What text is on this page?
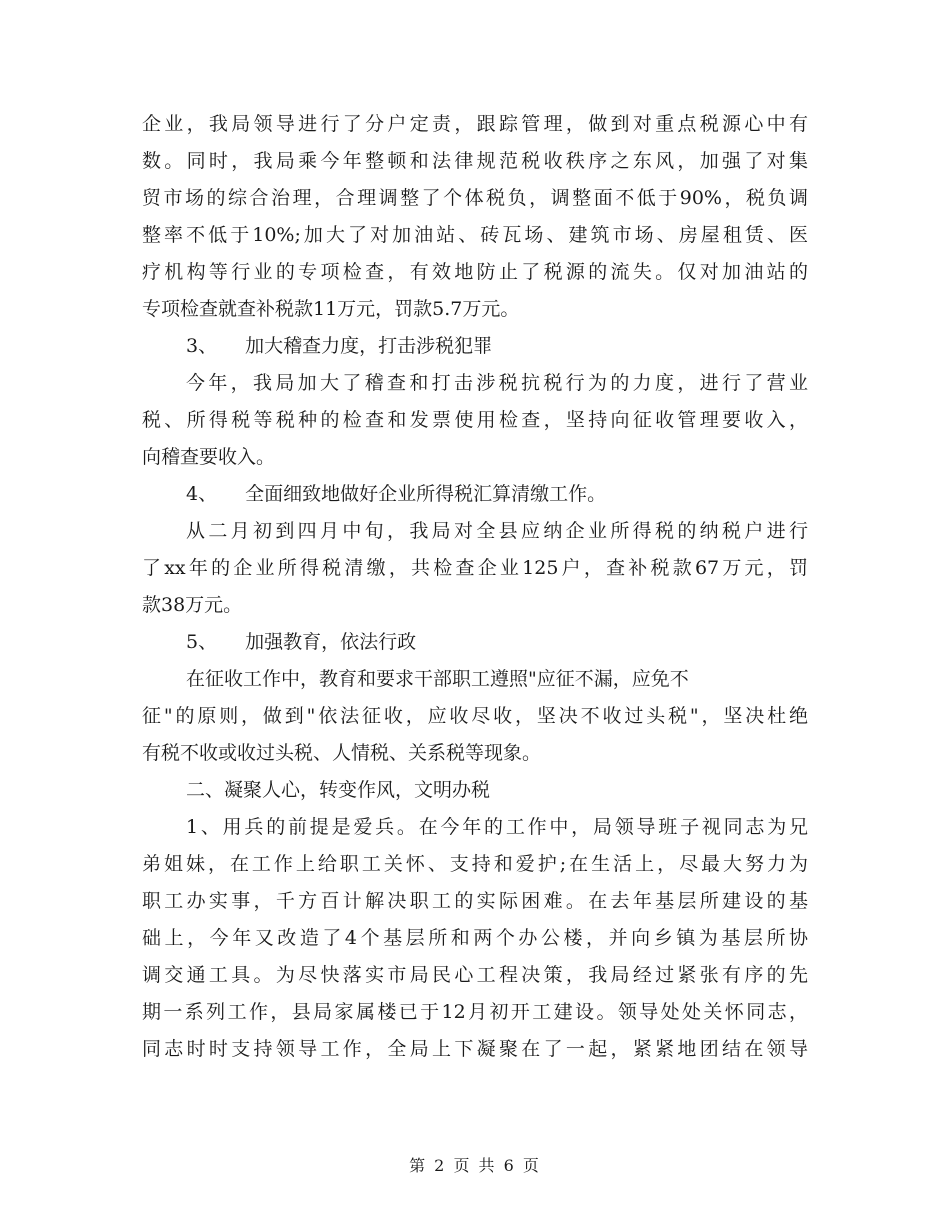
企业，我局领导进行了分户定责，跟踪管理，做到对重点税源心中有
数。同时，我局乘今年整顿和法律规范税收秩序之东风，加强了对集
贸市场的综合治理，合理调整了个体税负，调整面不低于90%，税负调
整率不低于10%;加大了对加油站、砖瓦场、建筑市场、房屋租赁、医
疗机构等行业的专项检查，有效地防止了税源的流失。仅对加油站的
专项检查就查补税款11万元，罚款5.7万元。
3、 加大稽查力度，打击涉税犯罪
今年，我局加大了稽查和打击涉税抗税行为的力度，进行了营业
税、所得税等税种的检查和发票使用检查，坚持向征收管理要收入，
向稽查要收入。
4、 全面细致地做好企业所得税汇算清缴工作。
从二月初到四月中旬，我局对全县应纳企业所得税的纳税户进行
了xx年的企业所得税清缴，共检查企业125户，查补税款67万元，罚
款38万元。
5、 加强教育，依法行政
在征收工作中，教育和要求干部职工遵照"应征不漏，应免不
征"的原则，做到"依法征收，应收尽收，坚决不收过头税"，坚决杜绝
有税不收或收过头税、人情税、关系税等现象。
二、凝聚人心，转变作风，文明办税
1、用兵的前提是爱兵。在今年的工作中，局领导班子视同志为兄
弟姐妹，在工作上给职工关怀、支持和爱护;在生活上，尽最大努力为
职工办实事，千方百计解决职工的实际困难。在去年基层所建设的基
础上，今年又改造了4个基层所和两个办公楼，并向乡镇为基层所协
调交通工具。为尽快落实市局民心工程决策，我局经过紧张有序的先
期一系列工作，县局家属楼已于12月初开工建设。领导处处关怀同志，
同志时时支持领导工作，全局上下凝聚在了一起，紧紧地团结在领导
第 2 页 共 6 页
